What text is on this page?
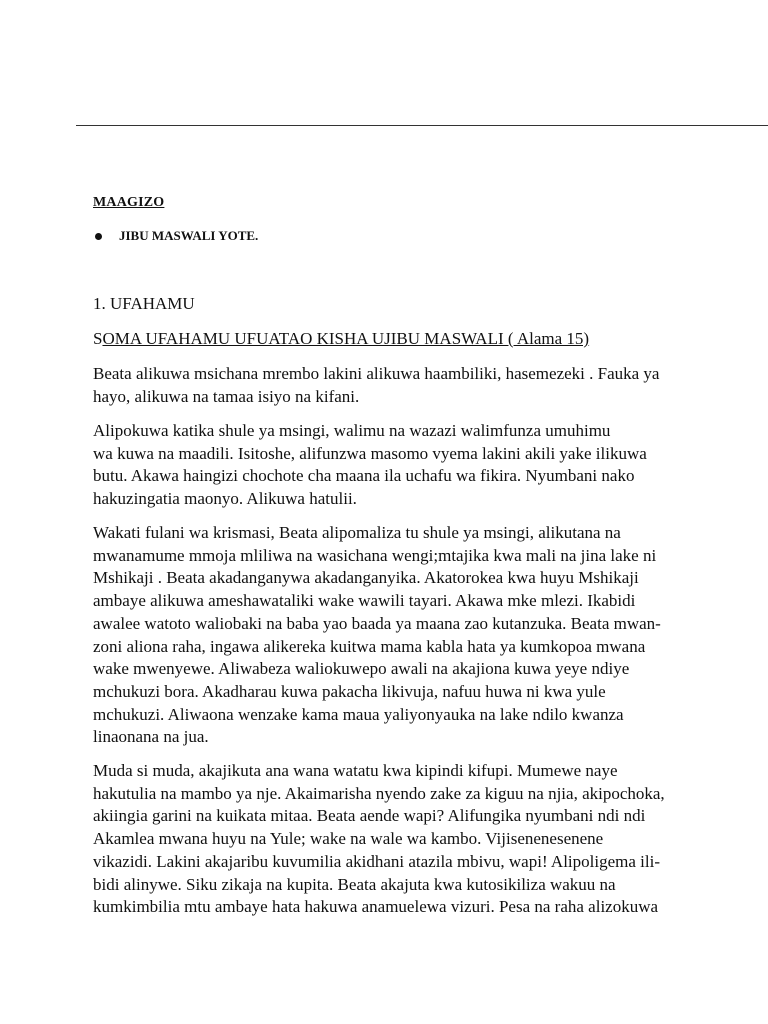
MAAGIZO
JIBU MASWALI YOTE.
1. UFAHAMU
SOMA UFAHAMU UFUATAO KISHA UJIBU MASWALI ( Alama 15)

Beata alikuwa msichana mrembo lakini alikuwa haambiliki, hasemezeki . Fauka ya
hayo, alikuwa na tamaa isiyo na kifani.

Alipokuwa katika shule ya msingi, walimu na wazazi walimfunza umuhimu
wa kuwa na maadili. Isitoshe, alifunzwa masomo vyema lakini akili yake ilikuwa
butu. Akawa haingizi chochote cha maana ila uchafu wa fikira. Nyumbani nako
hakuzingatia maonyo. Alikuwa hatulii.

Wakati fulani wa krismasi, Beata alipomaliza tu shule ya msingi, alikutana na
mwanamume mmoja mliliwa na wasichana wengi;mtajika kwa mali na jina lake ni
Mshikaji . Beata akadanganywa akadanganyika. Akatorokea kwa huyu Mshikaji
ambaye alikuwa ameshawataliki wake wawili tayari. Akawa mke mlezi. Ikabidi
awalee watoto waliobaki na baba yao baada ya maana zao kutanzuka. Beata mwan-
zoni aliona raha, ingawa alikereka kuitwa mama kabla hata ya kumkopoa mwana
wake mwenyewe. Aliwabeza waliokuwepo awali na akajiona kuwa yeye ndiye
mchukuzi bora. Akadharau kuwa pakacha likivuja, nafuu huwa ni kwa yule
mchukuzi. Aliwaona wenzake kama maua yaliyonyauka na lake ndilo kwanza
linaonana na jua.

Muda si muda, akajikuta ana wana watatu kwa kipindi kifupi. Mumewe naye
hakutulia na mambo ya nje. Akaimarisha nyendo zake za kiguu na njia, akipochoka,
akiingia garini na kuikata mitaa. Beata aende wapi? Alifungika nyumbani ndi ndi
Akamlea mwana huyu na Yule; wake na wale wa kambo. Vijisenenesenene
vikazidi. Lakini akajaribu kuvumilia akidhani atazila mbivu, wapi! Alipoligema ili-
bidi alinywe. Siku zikaja na kupita. Beata akajuta kwa kutosikiliza wakuu na
kumkimbilia mtu ambaye hata hakuwa anamuelewa vizuri. Pesa na raha alizokuwa
